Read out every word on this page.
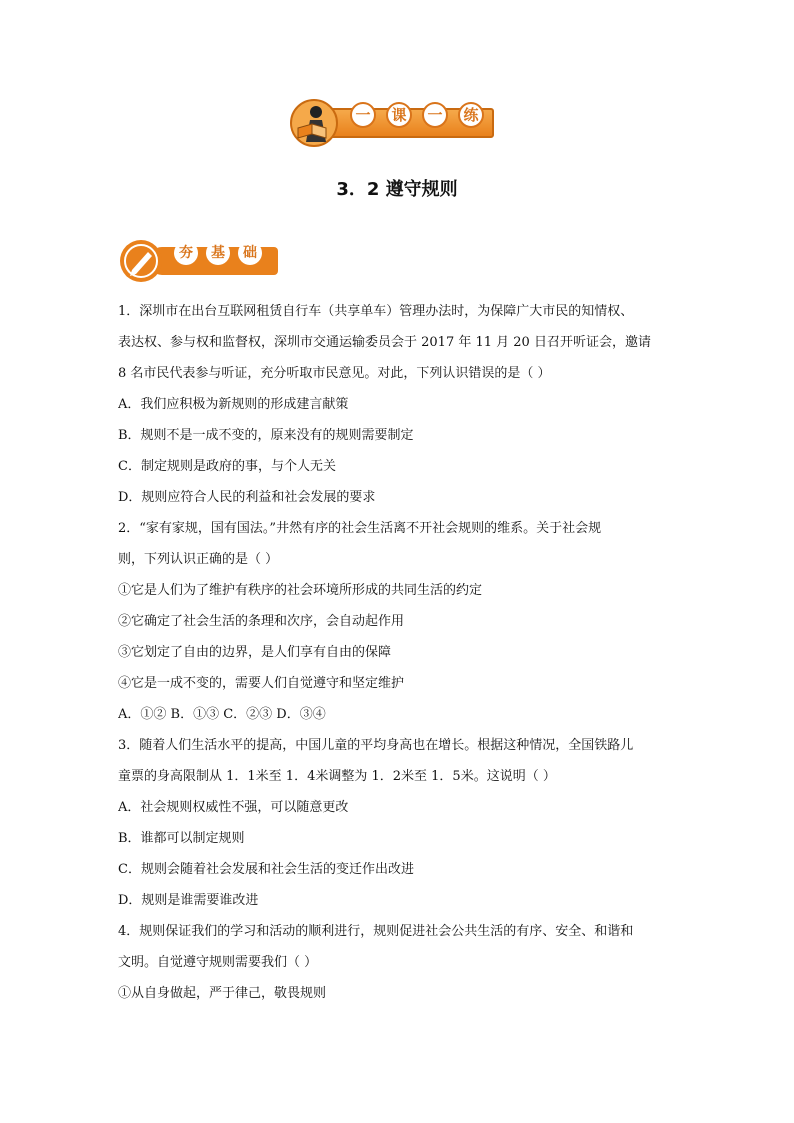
一	课	一	练
3．2 遵守规则
夯	基	础
1．深圳市在出台互联网租赁自行车（共享单车）管理办法时，为保障广大市民的知情权、
表达权、参与权和监督权，深圳市交通运输委员会于 2017 年 11 月 20 日召开听证会，邀请
8 名市民代表参与听证，充分听取市民意见。对此，下列认识错误的是（ ）
A．我们应积极为新规则的形成建言献策
B．规则不是一成不变的，原来没有的规则需要制定
C．制定规则是政府的事，与个人无关
D．规则应符合人民的利益和社会发展的要求
2．“家有家规，国有国法。”井然有序的社会生活离不开社会规则的维系。关于社会规
则，下列认识正确的是（ ）
①它是人们为了维护有秩序的社会环境所形成的共同生活的约定
②它确定了社会生活的条理和次序，会自动起作用
③它划定了自由的边界，是人们享有自由的保障
④它是一成不变的，需要人们自觉遵守和坚定维护
A．①② B．①③ C．②③ D．③④
3．随着人们生活水平的提高，中国儿童的平均身高也在增长。根据这种情况，全国铁路儿
童票的身高限制从 1．1米至 1．4米调整为 1．2米至 1．5米。这说明（ ）
A．社会规则权威性不强，可以随意更改
B．谁都可以制定规则
C．规则会随着社会发展和社会生活的变迁作出改进
D．规则是谁需要谁改进
4．规则保证我们的学习和活动的顺利进行，规则促进社会公共生活的有序、安全、和谐和
文明。自觉遵守规则需要我们（ ）
①从自身做起，严于律己，敬畏规则
